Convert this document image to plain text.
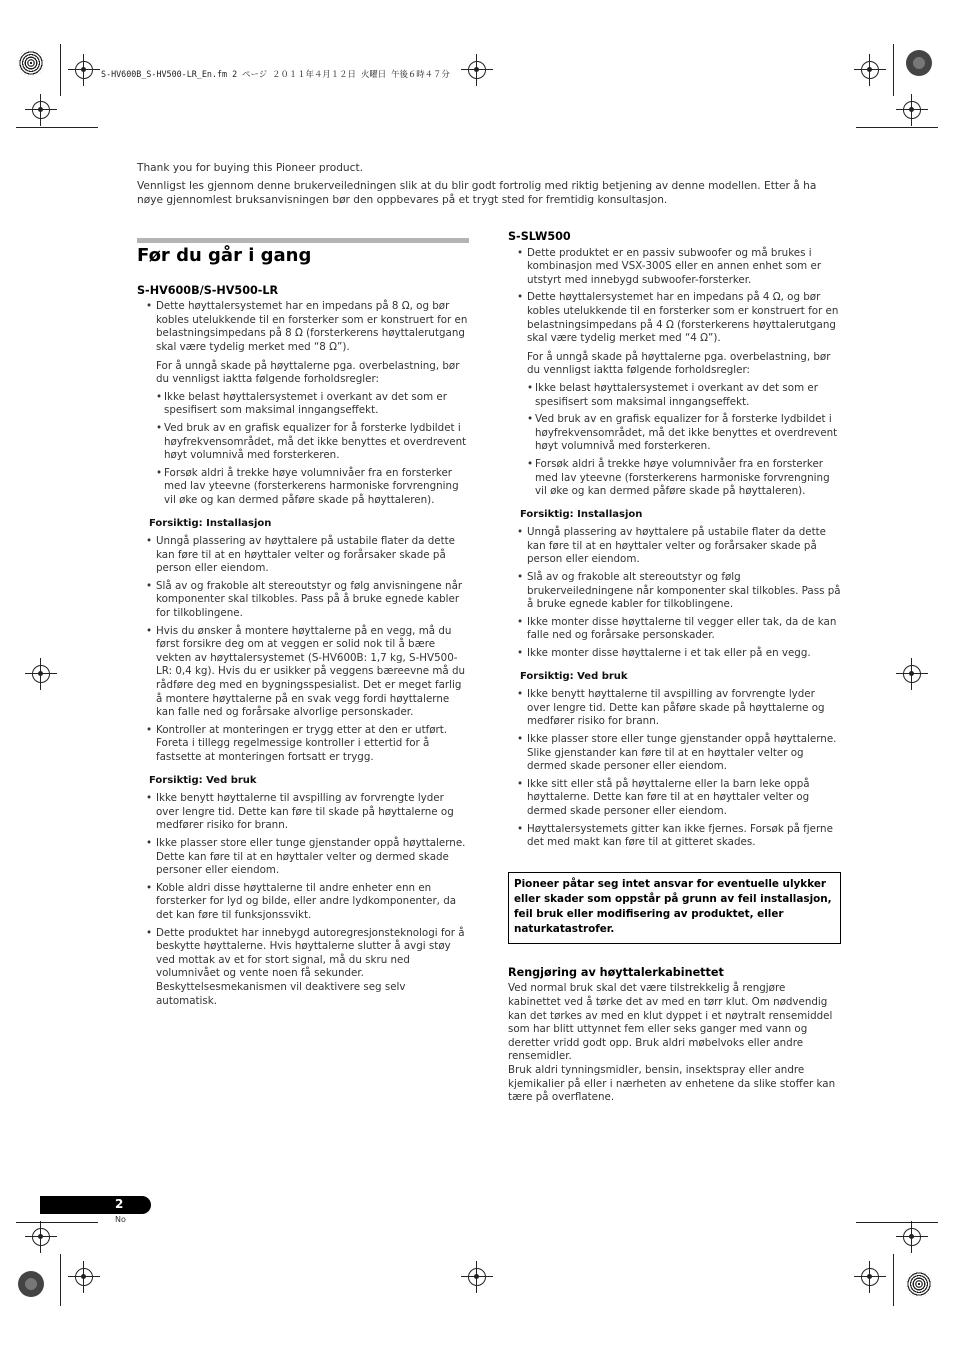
S-HV600B_S-HV500-LR_En.fm 2 ページ ２０１１年４月１２日 火曜日 午後６時４７分

Thank you for buying this Pioneer product.

Vennligst les gjennom denne brukerveiledningen slik at du blir godt fortrolig med riktig betjening av denne modellen. Etter å ha nøye gjennomlest bruksanvisningen bør den oppbevares på et trygt sted for fremtidig konsultasjon.

Før du går i gang
S-HV600B/S-HV500-LR
• Dette høyttalersystemet har en impedans på 8 Ω, og bør kobles utelukkende til en forsterker som er konstruert for en belastningsimpedans på 8 Ω (forsterkerens høyttalerutgang skal være tydelig merket med “8 Ω”).
For å unngå skade på høyttalerne pga. overbelastning, bør du vennligst iaktta følgende forholdsregler:
• Ikke belast høyttalersystemet i overkant av det som er spesifisert som maksimal inngangseffekt.
• Ved bruk av en grafisk equalizer for å forsterke lydbildet i høyfrekvensområdet, må det ikke benyttes et overdrevent høyt volumnivå med forsterkeren.
• Forsøk aldri å trekke høye volumnivåer fra en forsterker med lav yteevne (forsterkerens harmoniske forvrengning vil øke og kan dermed påføre skade på høyttaleren).
Forsiktig: Installasjon
• Unngå plassering av høyttalere på ustabile flater da dette kan føre til at en høyttaler velter og forårsaker skade på person eller eiendom.
• Slå av og frakoble alt stereoutstyr og følg anvisningene når komponenter skal tilkobles. Pass på å bruke egnede kabler for tilkoblingene.
• Hvis du ønsker å montere høyttalerne på en vegg, må du først forsikre deg om at veggen er solid nok til å bære vekten av høyttalersystemet (S-HV600B: 1,7 kg, S-HV500-LR: 0,4 kg). Hvis du er usikker på veggens bæreevne må du rådføre deg med en bygningsspesialist. Det er meget farlig å montere høyttalerne på en svak vegg fordi høyttalerne kan falle ned og forårsake alvorlige personskader.
• Kontroller at monteringen er trygg etter at den er utført. Foreta i tillegg regelmessige kontroller i ettertid for å fastsette at monteringen fortsatt er trygg.
Forsiktig: Ved bruk
• Ikke benytt høyttalerne til avspilling av forvrengte lyder over lengre tid. Dette kan føre til skade på høyttalerne og medfører risiko for brann.
• Ikke plasser store eller tunge gjenstander oppå høyttalerne. Dette kan føre til at en høyttaler velter og dermed skade personer eller eiendom.
• Koble aldri disse høyttalerne til andre enheter enn en forsterker for lyd og bilde, eller andre lydkomponenter, da det kan føre til funksjonssvikt.
• Dette produktet har innebygd autoregresjonsteknologi for å beskytte høyttalerne. Hvis høyttalerne slutter å avgi støy ved mottak av et for stort signal, må du skru ned volumnivået og vente noen få sekunder. Beskyttelsesmekanismen vil deaktivere seg selv automatisk.
S-SLW500
• Dette produktet er en passiv subwoofer og må brukes i kombinasjon med VSX-300S eller en annen enhet som er utstyrt med innebygd subwoofer-forsterker.
• Dette høyttalersystemet har en impedans på 4 Ω, og bør kobles utelukkende til en forsterker som er konstruert for en belastningsimpedans på 4 Ω (forsterkerens høyttalerutgang skal være tydelig merket med “4 Ω”).
For å unngå skade på høyttalerne pga. overbelastning, bør du vennligst iaktta følgende forholdsregler:
• Ikke belast høyttalersystemet i overkant av det som er spesifisert som maksimal inngangseffekt.
• Ved bruk av en grafisk equalizer for å forsterke lydbildet i høyfrekvensområdet, må det ikke benyttes et overdrevent høyt volumnivå med forsterkeren.
• Forsøk aldri å trekke høye volumnivåer fra en forsterker med lav yteevne (forsterkerens harmoniske forvrengning vil øke og kan dermed påføre skade på høyttaleren).
Forsiktig: Installasjon
• Unngå plassering av høyttalere på ustabile flater da dette kan føre til at en høyttaler velter og forårsaker skade på person eller eiendom.
• Slå av og frakoble alt stereoutstyr og følg brukerveiledningene når komponenter skal tilkobles. Pass på å bruke egnede kabler for tilkoblingene.
• Ikke monter disse høyttalerne til vegger eller tak, da de kan falle ned og forårsake personskader.
• Ikke monter disse høyttalerne i et tak eller på en vegg.
Forsiktig: Ved bruk
• Ikke benytt høyttalerne til avspilling av forvrengte lyder over lengre tid. Dette kan påføre skade på høyttalerne og medfører risiko for brann.
• Ikke plasser store eller tunge gjenstander oppå høyttalerne. Slike gjenstander kan føre til at en høyttaler velter og dermed skade personer eller eiendom.
• Ikke sitt eller stå på høyttalerne eller la barn leke oppå høyttalerne. Dette kan føre til at en høyttaler velter og dermed skade personer eller eiendom.
• Høyttalersystemets gitter kan ikke fjernes. Forsøk på fjerne det med makt kan føre til at gitteret skades.
Pioneer påtar seg intet ansvar for eventuelle ulykker eller skader som oppstår på grunn av feil installasjon, feil bruk eller modifisering av produktet, eller naturkatastrofer.
Rengjøring av høyttalerkabinettet

Ved normal bruk skal det være tilstrekkelig å rengjøre kabinettet ved å tørke det av med en tørr klut. Om nødvendig kan det tørkes av med en klut dyppet i et nøytralt rensemiddel som har blitt uttynnet fem eller seks ganger med vann og deretter vridd godt opp. Bruk aldri møbelvoks eller andre rensemidler.

Bruk aldri tynningsmidler, bensin, insektspray eller andre kjemikalier på eller i nærheten av enhetene da slike stoffer kan tære på overflatene.

2
No
